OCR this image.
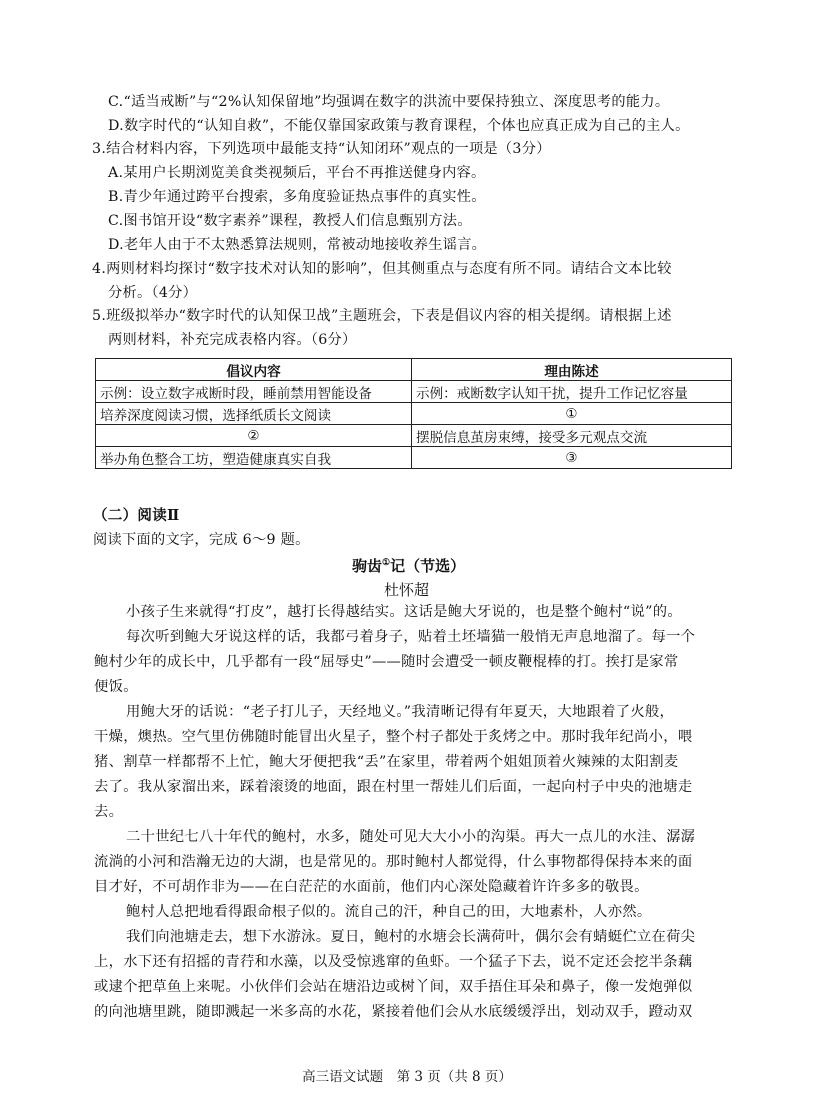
C.“适当戒断”与“2%认知保留地”均强调在数字的洪流中要保持独立、深度思考的能力。
D.数字时代的“认知自救”，不能仅靠国家政策与教育课程，个体也应真正成为自己的主人。
3.结合材料内容，下列选项中最能支持“认知闭环”观点的一项是（3分）
A.某用户长期浏览美食类视频后，平台不再推送健身内容。
B.青少年通过跨平台搜索，多角度验证热点事件的真实性。
C.图书馆开设“数字素养”课程，教授人们信息甄别方法。
D.老年人由于不太熟悉算法规则，常被动地接收养生谣言。
4.两则材料均探讨“数字技术对认知的影响”，但其侧重点与态度有所不同。请结合文本比较
分析。（4分）
5.班级拟举办“数字时代的认知保卫战”主题班会，下表是倡议内容的相关提纲。请根据上述
两则材料，补充完成表格内容。（6分）
倡议内容	理由陈述
示例：设立数字戒断时段，睡前禁用智能设备	示例：戒断数字认知干扰，提升工作记忆容量
培养深度阅读习惯，选择纸质长文阅读	①
②	摆脱信息茧房束缚，接受多元观点交流
举办角色整合工坊，塑造健康真实自我	③
（二）阅读Ⅱ
阅读下面的文字，完成 6～9 题。
驹齿①记（节选）
杜怀超
小孩子生来就得“打皮”，越打长得越结实。这话是鲍大牙说的，也是整个鲍村“说”的。
每次听到鲍大牙说这样的话，我都弓着身子，贴着土坯墙猫一般悄无声息地溜了。每一个
鲍村少年的成长中，几乎都有一段“屈辱史”——随时会遭受一顿皮鞭棍棒的打。挨打是家常
便饭。
用鲍大牙的话说：“老子打儿子，天经地义。”我清晰记得有年夏天，大地跟着了火般，
干燥，燠热。空气里仿佛随时能冒出火星子，整个村子都处于炙烤之中。那时我年纪尚小，喂
猪、割草一样都帮不上忙，鲍大牙便把我“丢”在家里，带着两个姐姐顶着火辣辣的太阳割麦
去了。我从家溜出来，踩着滚烫的地面，跟在村里一帮娃儿们后面，一起向村子中央的池塘走
去。
二十世纪七八十年代的鲍村，水多，随处可见大大小小的沟渠。再大一点儿的水洼、潺潺
流淌的小河和浩瀚无边的大湖，也是常见的。那时鲍村人都觉得，什么事物都得保持本来的面
目才好，不可胡作非为——在白茫茫的水面前，他们内心深处隐藏着许许多多的敬畏。
鲍村人总把地看得跟命根子似的。流自己的汗，种自己的田，大地素朴，人亦然。
我们向池塘走去，想下水游泳。夏日，鲍村的水塘会长满荷叶，偶尔会有蜻蜓伫立在荷尖
上，水下还有招摇的青荇和水藻，以及受惊逃窜的鱼虾。一个猛子下去，说不定还会挖半条藕
或逮个把草鱼上来呢。小伙伴们会站在塘沿边或树丫间，双手捂住耳朵和鼻子，像一发炮弹似
的向池塘里跳，随即溅起一米多高的水花，紧接着他们会从水底缓缓浮出，划动双手，蹬动双
高三语文试题　第 3 页（共 8 页）
